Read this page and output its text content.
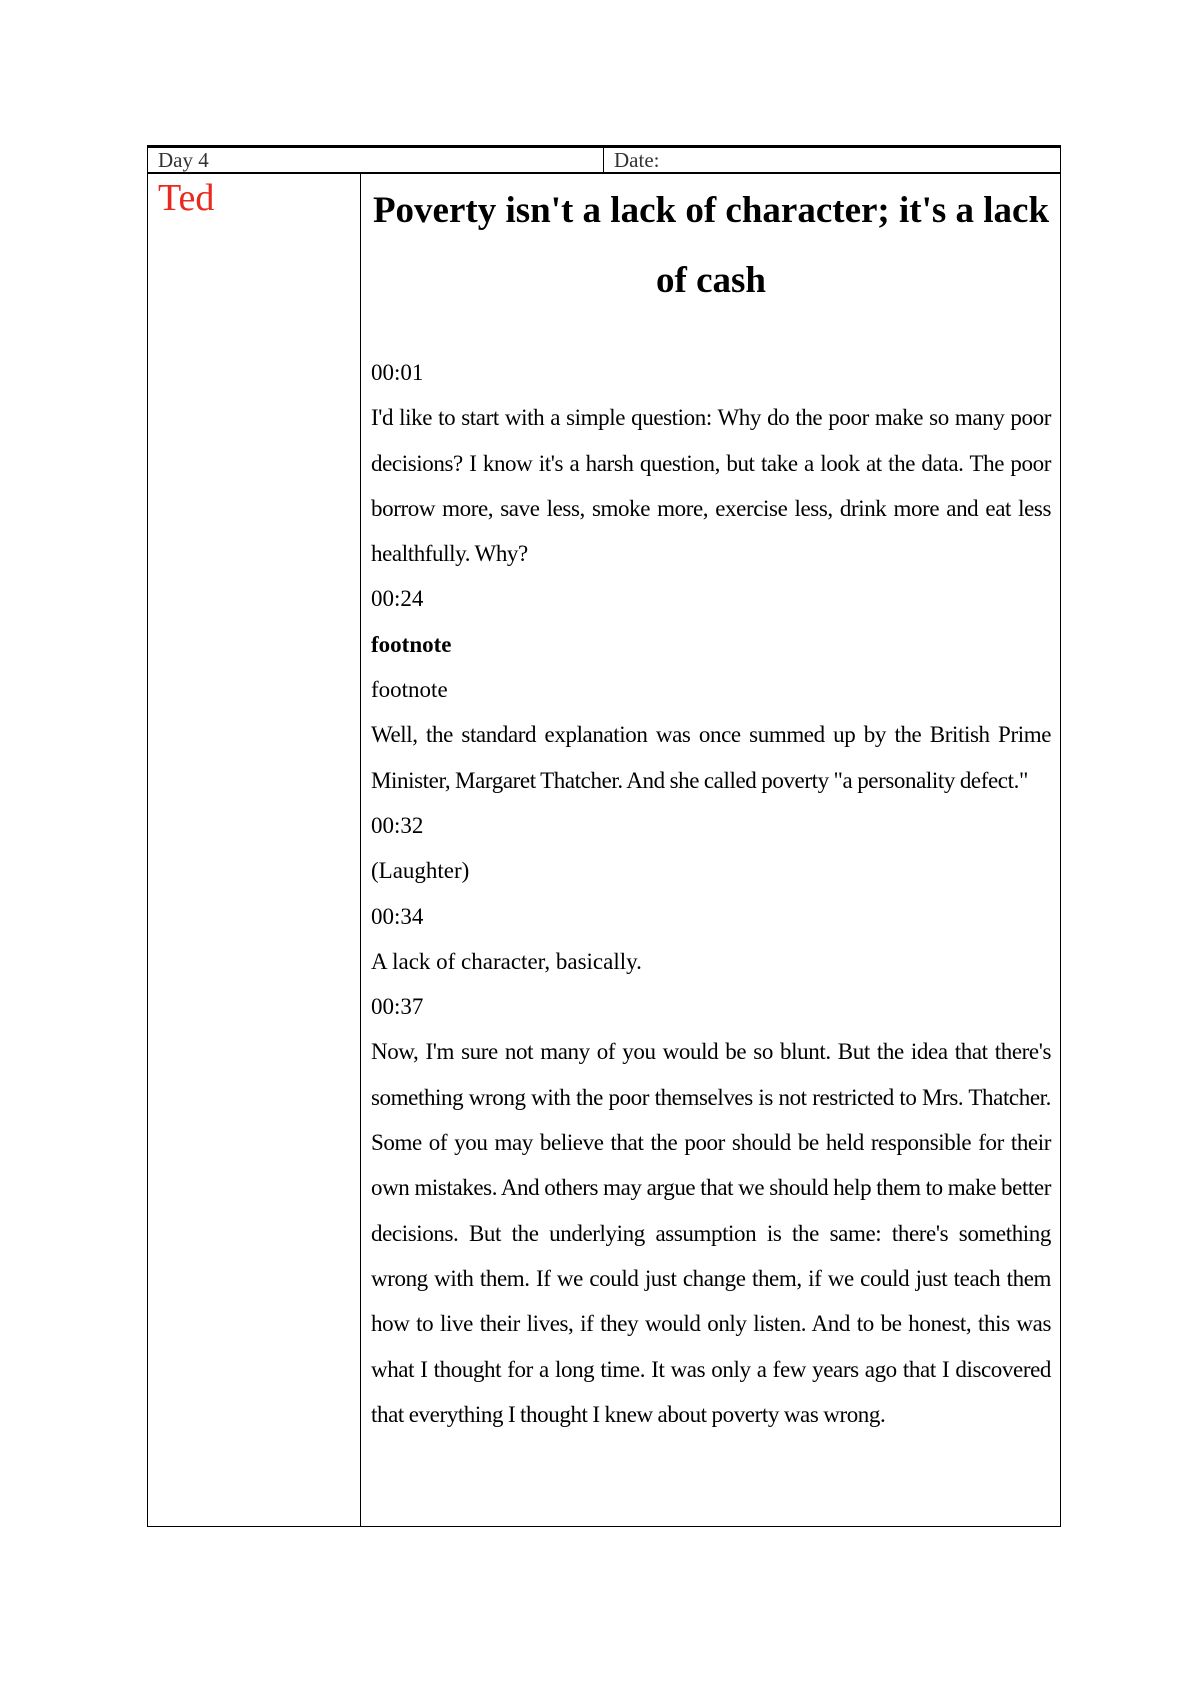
Day 4	Date:
Ted	Poverty isn't a lack of character; it's a lack of cash
00:01
I'd like to start with a simple question: Why do the poor make so many poor decisions? I know it's a harsh question, but take a look at the data. The poor borrow more, save less, smoke more, exercise less, drink more and eat less healthfully. Why?
00:24
footnote
footnote
Well, the standard explanation was once summed up by the British Prime Minister, Margaret Thatcher. And she called poverty "a personality defect."
00:32
(Laughter)
00:34
A lack of character, basically.
00:37
Now, I'm sure not many of you would be so blunt. But the idea that there's something wrong with the poor themselves is not restricted to Mrs. Thatcher. Some of you may believe that the poor should be held responsible for their own mistakes. And others may argue that we should help them to make better decisions. But the underlying assumption is the same: there's something wrong with them. If we could just change them, if we could just teach them how to live their lives, if they would only listen. And to be honest, this was what I thought for a long time. It was only a few years ago that I discovered that everything I thought I knew about poverty was wrong.
